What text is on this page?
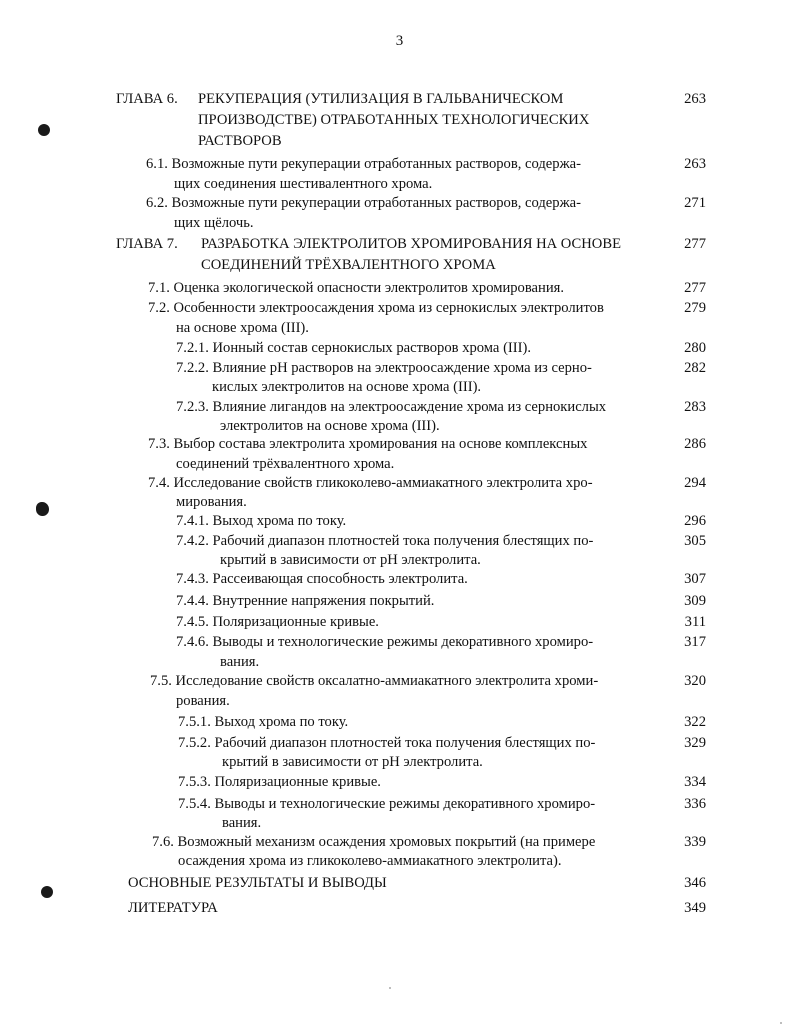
3
ГЛАВА 6. РЕКУПЕРАЦИЯ (УТИЛИЗАЦИЯ В ГАЛЬВАНИЧЕСКОМ
ПРОИЗВОДСТВЕ) ОТРАБОТАННЫХ ТЕХНОЛОГИЧЕСКИХ
РАСТВОРОВ
263
6.1. Возможные пути рекуперации отработанных растворов, содержа-
щих соединения шестивалентного хрома.
263
6.2. Возможные пути рекуперации отработанных растворов, содержа-
щих щёлочь.
271
ГЛАВА 7. РАЗРАБОТКА ЭЛЕКТРОЛИТОВ ХРОМИРОВАНИЯ НА ОСНОВЕ
СОЕДИНЕНИЙ ТРЁХВАЛЕНТНОГО ХРОМА
277
7.1. Оценка экологической опасности электролитов хромирования.	277
7.2. Особенности электроосаждения хрома из сернокислых электролитов
на основе хрома (III).
279
7.2.1. Ионный состав сернокислых растворов хрома (III).	280
7.2.2. Влияние pH растворов на электроосаждение хрома из серно-
кислых электролитов на основе хрома (III).
282
7.2.3. Влияние лигандов на электроосаждение хрома из сернокислых
электролитов на основе хрома (III).
283
7.3. Выбор состава электролита хромирования на основе комплексных
соединений трёхвалентного хрома.
286
7.4. Исследование свойств гликоколево-аммиакатного электролита хро-
мирования.
294
7.4.1. Выход хрома по току.	296
7.4.2. Рабочий диапазон плотностей тока получения блестящих по-
крытий в зависимости от pH электролита.
305
7.4.3. Рассеивающая способность электролита.	307
7.4.4. Внутренние напряжения покрытий.	309
7.4.5. Поляризационные кривые.	311
7.4.6. Выводы и технологические режимы декоративного хромиро-
вания.
317
7.5. Исследование свойств оксалатно-аммиакатного электролита хроми-
рования.
320
7.5.1. Выход хрома по току.	322
7.5.2. Рабочий диапазон плотностей тока получения блестящих по-
крытий в зависимости от pH электролита.
329
7.5.3. Поляризационные кривые.	334
7.5.4. Выводы и технологические режимы декоративного хромиро-
вания.
336
7.6. Возможный механизм осаждения хромовых покрытий (на примере
осаждения хрома из гликоколево-аммиакатного электролита).
339
ОСНОВНЫЕ РЕЗУЛЬТАТЫ И ВЫВОДЫ	346
ЛИТЕРАТУРА	349
